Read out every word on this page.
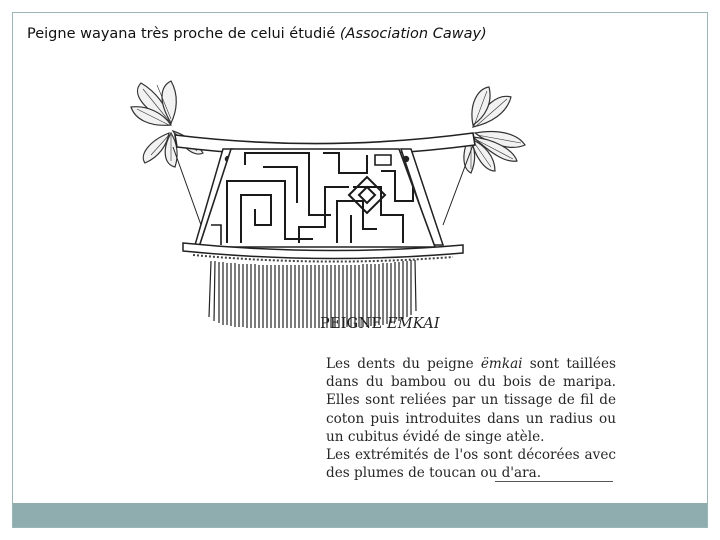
Peigne wayana très proche de celui étudié (Association Caway)
PEIGNE EMKAI

Les dents du peigne ëmkai sont taillées dans du bambou ou du bois de maripa. Elles sont reliées par un tissage de fil de coton puis introduites dans un radius ou un cubitus évidé de singe atèle.
Les extrémités de l'os sont décorées avec des plumes de toucan ou d'ara.
